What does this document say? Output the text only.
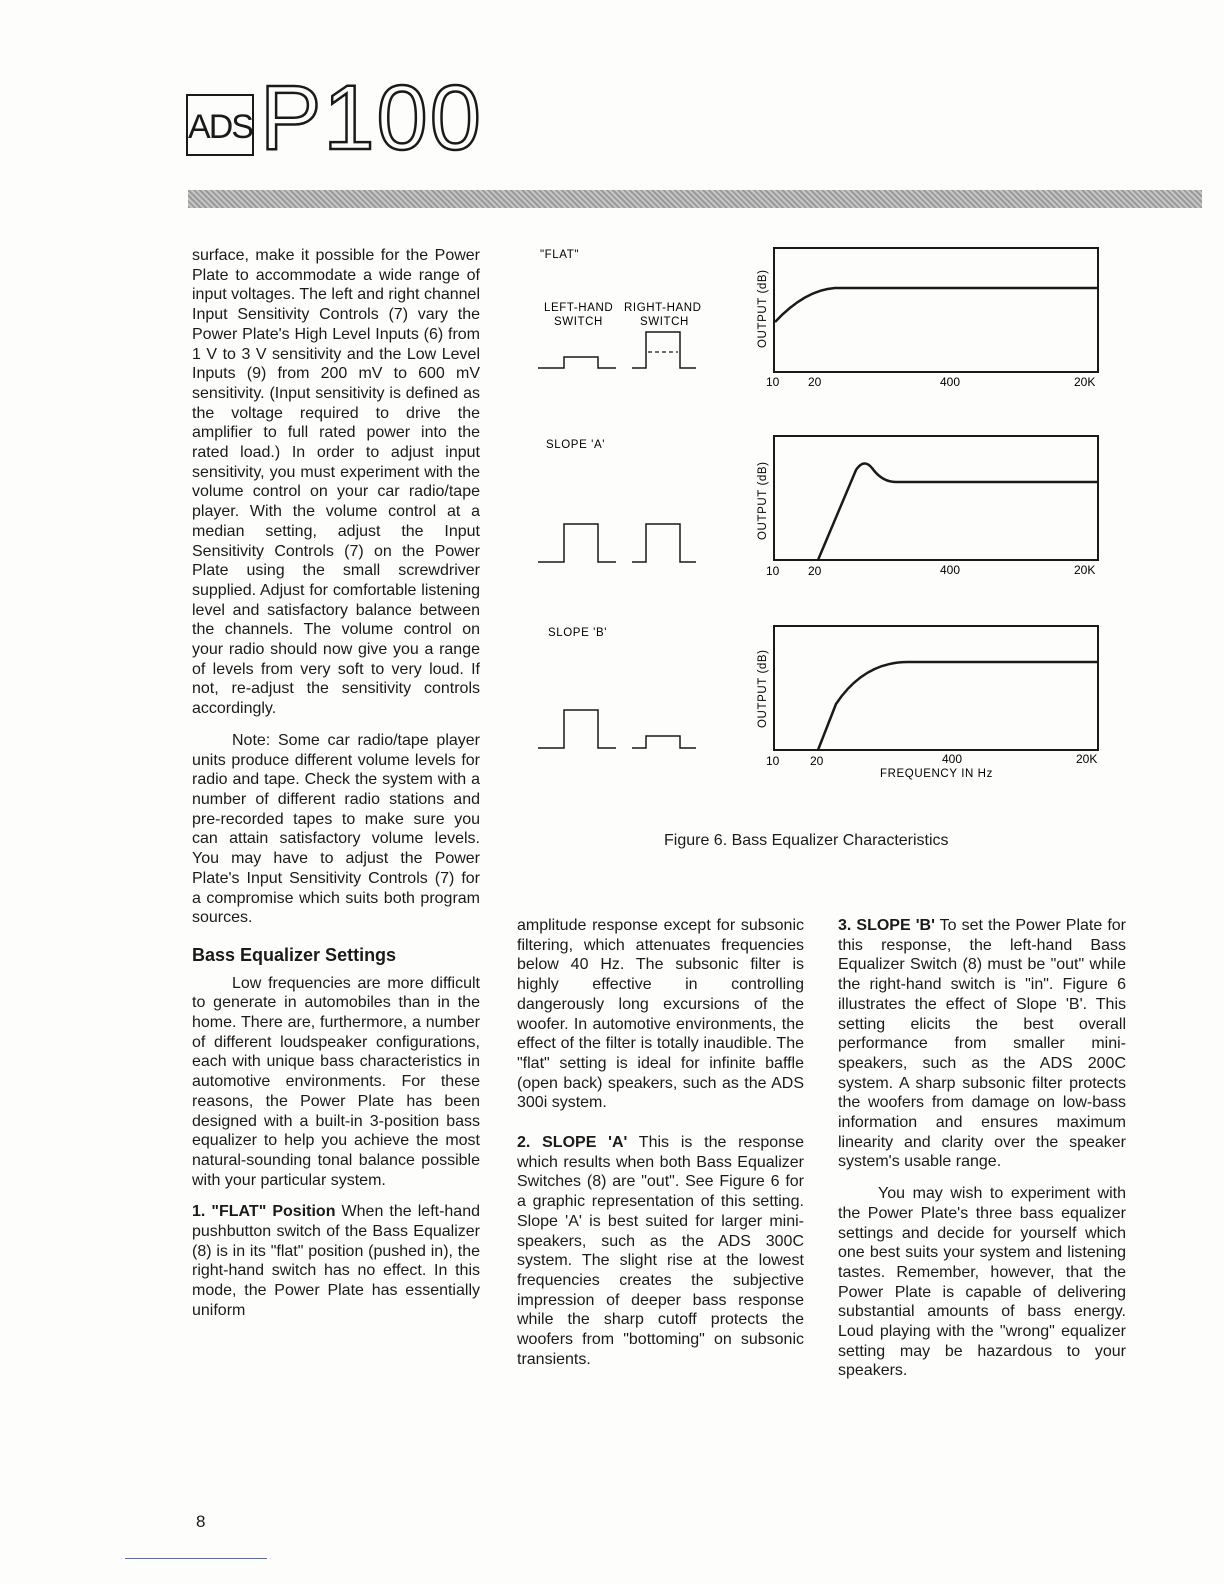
ADS P100

surface, make it possible for the Power Plate to accommodate a wide range of input voltages. The left and right channel Input Sensitivity Controls (7) vary the Power Plate's High Level Inputs (6) from 1 V to 3 V sensitivity and the Low Level Inputs (9) from 200 mV to 600 mV sensitivity. (Input sensitivity is defined as the voltage required to drive the amplifier to full rated power into the rated load.) In order to adjust input sensitivity, you must experiment with the volume control on your car radio/tape player. With the volume control at a median setting, adjust the Input Sensitivity Controls (7) on the Power Plate using the small screwdriver supplied. Adjust for comfortable listening level and satisfactory balance between the channels. The volume control on your radio should now give you a range of levels from very soft to very loud. If not, re-adjust the sensitivity controls accordingly.

Note: Some car radio/tape player units produce different volume levels for radio and tape. Check the system with a number of different radio stations and pre-recorded tapes to make sure you can attain satisfactory volume levels. You may have to adjust the Power Plate's Input Sensitivity Controls (7) for a compromise which suits both program sources.

Bass Equalizer Settings

Low frequencies are more difficult to generate in automobiles than in the home. There are, furthermore, a number of different loudspeaker configurations, each with unique bass characteristics in automotive environments. For these reasons, the Power Plate has been designed with a built-in 3-position bass equalizer to help you achieve the most natural-sounding tonal balance possible with your particular system.

1. "FLAT" Position When the left-hand pushbutton switch of the Bass Equalizer (8) is in its "flat" position (pushed in), the right-hand switch has no effect. In this mode, the Power Plate has essentially uniform

"FLAT"
SLOPE 'A'
SLOPE 'B'
LEFT-HAND
SWITCH
RIGHT-HAND
SWITCH	OUTPUT (dB)
OUTPUT (dB)
OUTPUT (dB)
10 20	400	20K
10 20	400	20K
10	20	400	20K
FREQUENCY IN Hz
Figure 6. Bass Equalizer Characteristics

amplitude response except for subsonic filtering, which attenuates frequencies below 40 Hz. The subsonic filter is highly effective in controlling dangerously long excursions of the woofer. In automotive environments, the effect of the filter is totally inaudible. The "flat" setting is ideal for infinite baffle (open back) speakers, such as the ADS 300i system.

2. SLOPE 'A' This is the response which results when both Bass Equalizer Switches (8) are "out". See Figure 6 for a graphic representation of this setting. Slope 'A' is best suited for larger mini-speakers, such as the ADS 300C system. The slight rise at the lowest frequencies creates the subjective impression of deeper bass response while the sharp cutoff protects the woofers from "bottoming" on subsonic transients.

3. SLOPE 'B' To set the Power Plate for this response, the left-hand Bass Equalizer Switch (8) must be "out" while the right-hand switch is "in". Figure 6 illustrates the effect of Slope 'B'. This setting elicits the best overall performance from smaller mini-speakers, such as the ADS 200C system. A sharp subsonic filter protects the woofers from damage on low-bass information and ensures maximum linearity and clarity over the speaker system's usable range.

You may wish to experiment with the Power Plate's three bass equalizer settings and decide for yourself which one best suits your system and listening tastes. Remember, however, that the Power Plate is capable of delivering substantial amounts of bass energy. Loud playing with the "wrong" equalizer setting may be hazardous to your speakers.

8
